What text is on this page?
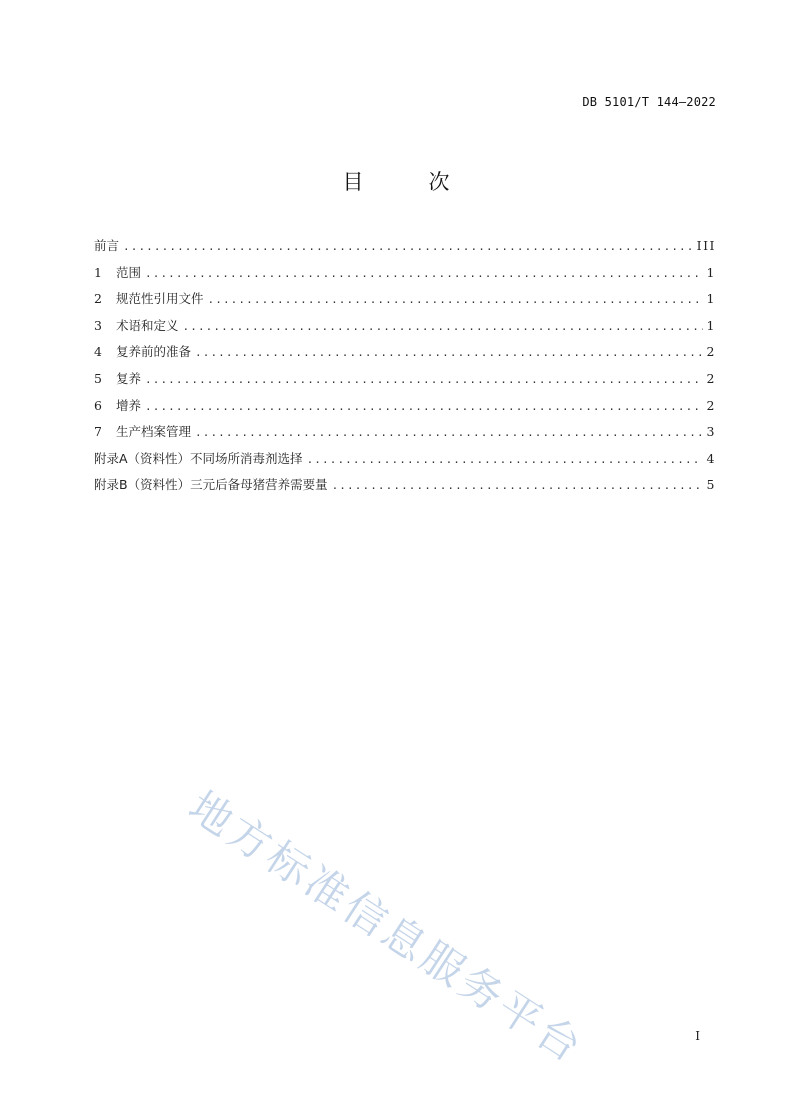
DB 5101/T 144—2022
目　次
前言 .....	III
1	范围 .....	1
2	规范性引用文件 .....	1
3	术语和定义 .....	1
4	复养前的准备 .....	2
5	复养 .....	2
6	增养 .....	2
7	生产档案管理 .....	3
附录A（资料性）不同场所消毒剂选择 .....	4
附录B（资料性）三元后备母猪营养需要量 .....	5
地方标准信息服务平台	I
